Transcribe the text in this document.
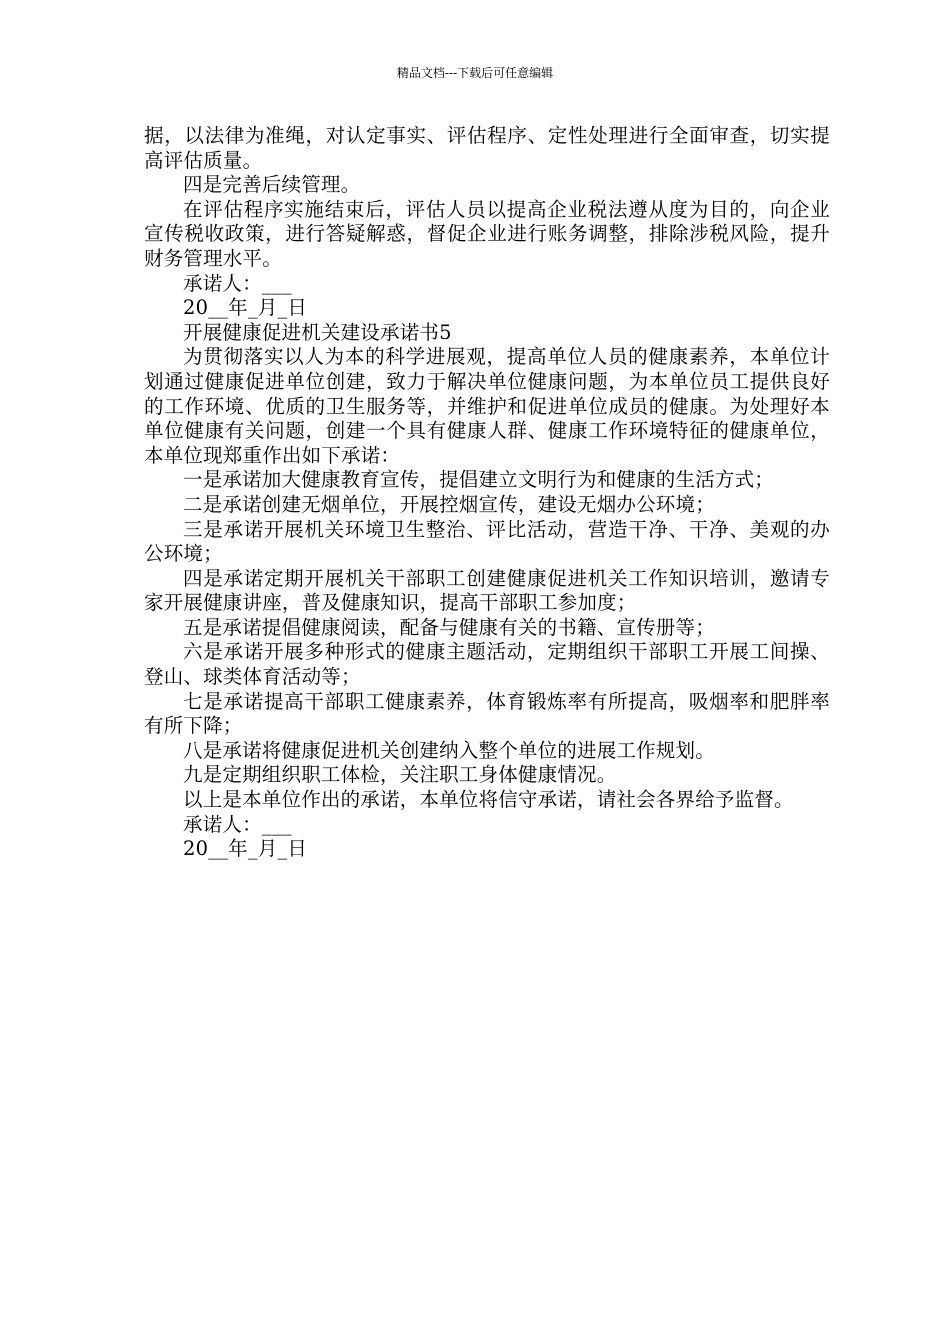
精品文档---下载后可任意编辑

据，以法律为准绳，对认定事实、评估程序、定性处理进行全面审查，切实提高评估质量。

四是完善后续管理。

在评估程序实施结束后，评估人员以提高企业税法遵从度为目的，向企业宣传税收政策，进行答疑解惑，督促企业进行账务调整，排除涉税风险，提升财务管理水平。

承诺人：___

20__年_月_日

开展健康促进机关建设承诺书5

为贯彻落实以人为本的科学进展观，提高单位人员的健康素养，本单位计划通过健康促进单位创建，致力于解决单位健康问题，为本单位员工提供良好的工作环境、优质的卫生服务等，并维护和促进单位成员的健康。为处理好本单位健康有关问题，创建一个具有健康人群、健康工作环境特征的健康单位，本单位现郑重作出如下承诺：

一是承诺加大健康教育宣传，提倡建立文明行为和健康的生活方式；

二是承诺创建无烟单位，开展控烟宣传，建设无烟办公环境；

三是承诺开展机关环境卫生整治、评比活动，营造干净、干净、美观的办公环境；

四是承诺定期开展机关干部职工创建健康促进机关工作知识培训，邀请专家开展健康讲座，普及健康知识，提高干部职工参加度；

五是承诺提倡健康阅读，配备与健康有关的书籍、宣传册等；

六是承诺开展多种形式的健康主题活动，定期组织干部职工开展工间操、登山、球类体育活动等；

七是承诺提高干部职工健康素养，体育锻炼率有所提高，吸烟率和肥胖率有所下降；

八是承诺将健康促进机关创建纳入整个单位的进展工作规划。

九是定期组织职工体检，关注职工身体健康情况。

以上是本单位作出的承诺，本单位将信守承诺，请社会各界给予监督。

承诺人：___

20__年_月_日
